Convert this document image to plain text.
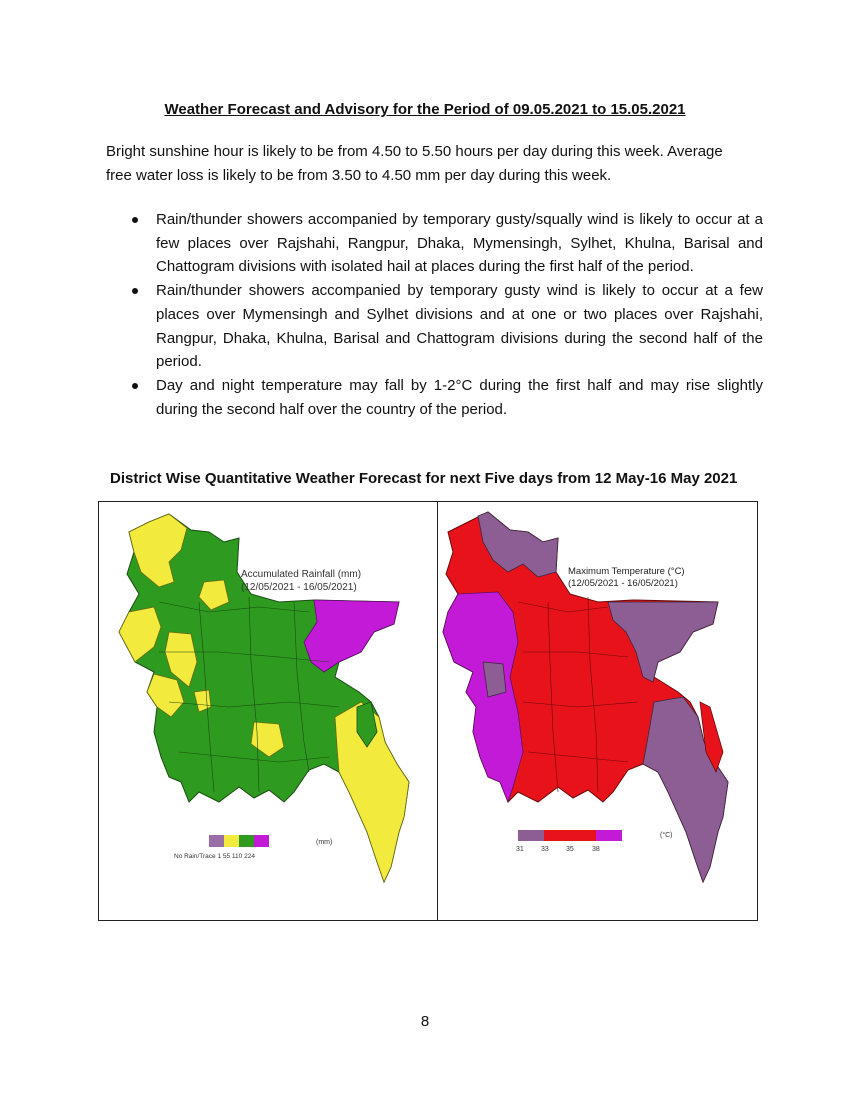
Weather Forecast and Advisory for the Period of 09.05.2021 to 15.05.2021

Bright sunshine hour is likely to be from 4.50 to 5.50 hours per day during this week. Average free water loss is likely to be from 3.50 to 4.50 mm per day during this week.

Rain/thunder showers accompanied by temporary gusty/squally wind is likely to occur at a few places over Rajshahi, Rangpur, Dhaka, Mymensingh, Sylhet, Khulna, Barisal and Chattogram divisions with isolated hail at places during the first half of the period.
Rain/thunder showers accompanied by temporary gusty wind is likely to occur at a few places over Mymensingh and Sylhet divisions and at one or two places over Rajshahi, Rangpur, Dhaka, Khulna, Barisal and Chattogram divisions during the second half of the period.
Day and night temperature may fall by 1-2°C during the first half and may rise slightly during the second half over the country of the period.
District Wise Quantitative Weather Forecast for next Five days from 12 May-16 May 2021
Accumulated Rainfall (mm)
(12/05/2021 - 16/05/2021)
No Rain/Trace 1 55 110 224
(mm)
Maximum Temperature (°C)
(12/05/2021 - 16/05/2021)
31 33 35	38
(°C)
8
